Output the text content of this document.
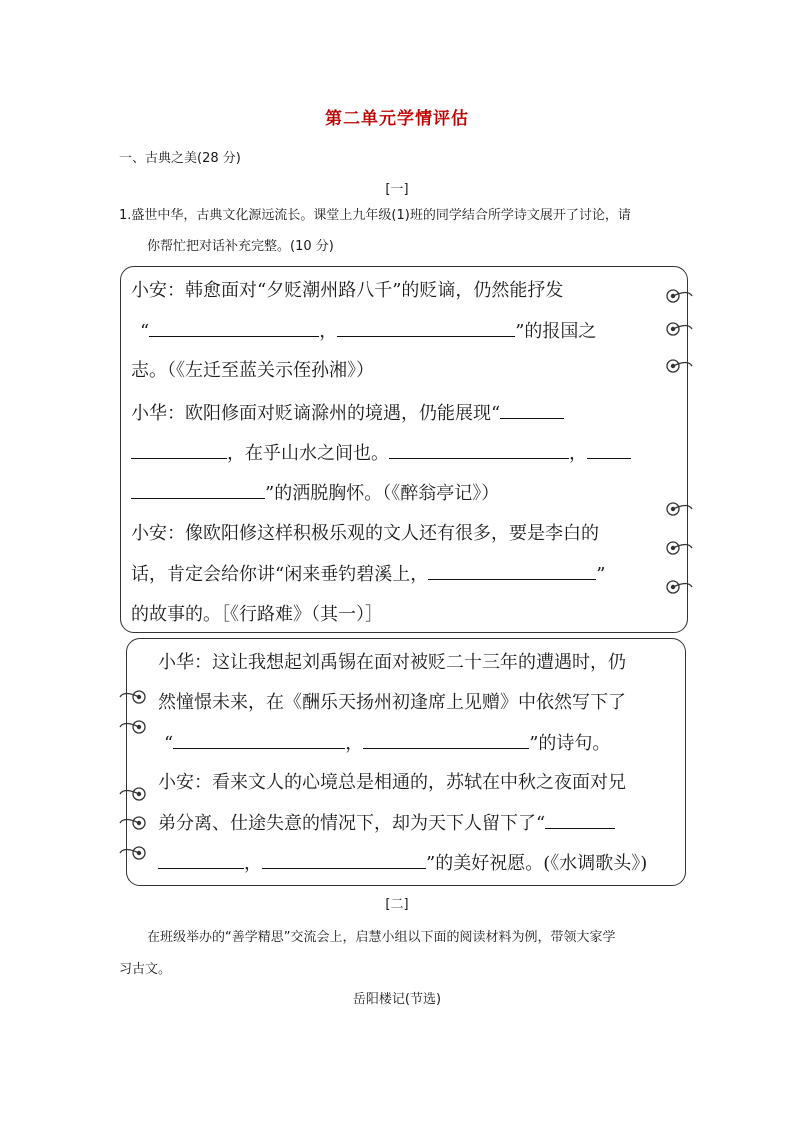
第二单元学情评估
一、古典之美(28 分)
[一]
1.盛世中华，古典文化源远流长。课堂上九年级(1)班的同学结合所学诗文展开了讨论，请
你帮忙把对话补充完整。(10 分)
小安：韩愈面对“夕贬潮州路八千”的贬谪，仍然能抒发
“	，	”的报国之
志。（《左迁至蓝关示侄孙湘》）
小华：欧阳修面对贬谪滁州的境遇，仍能展现“
，在乎山水之间也。	，
”的洒脱胸怀。（《醉翁亭记》）
小安：像欧阳修这样积极乐观的文人还有很多，要是李白的
话，肯定会给你讲“闲来垂钓碧溪上，	”
的故事的。［《行路难》（其一）］
小华：这让我想起刘禹锡在面对被贬二十三年的遭遇时，仍
然憧憬未来，在《酬乐天扬州初逢席上见赠》中依然写下了
“	，	”的诗句。
小安：看来文人的心境总是相通的，苏轼在中秋之夜面对兄
弟分离、仕途失意的情况下，却为天下人留下了“
，	”的美好祝愿。(《水调歌头》)
[二]
在班级举办的“善学精思”交流会上，启慧小组以下面的阅读材料为例，带领大家学
习古文。
岳阳楼记(节选)
